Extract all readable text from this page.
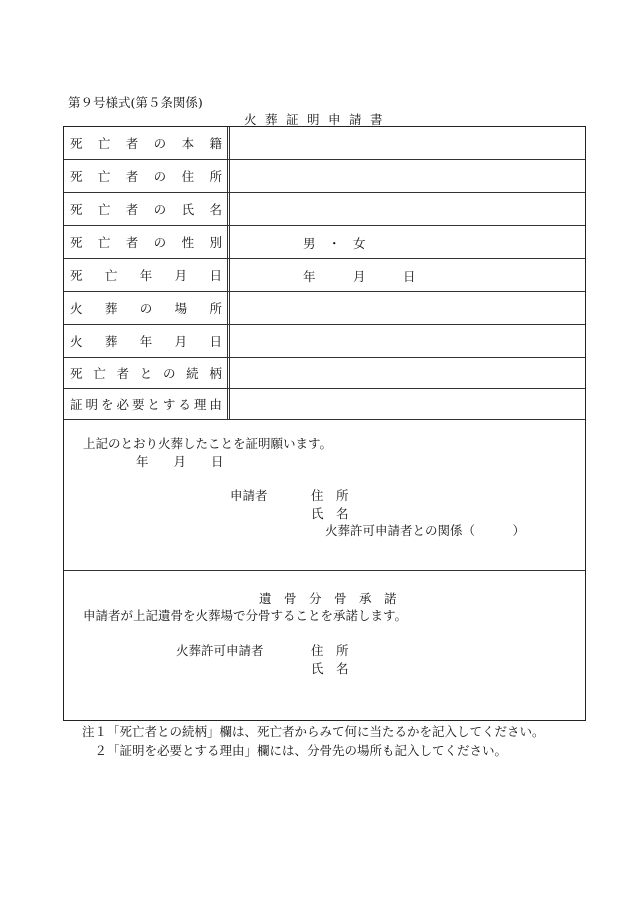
第９号様式(第５条関係)
火葬証明申請書
死 亡 者 の 本 籍
死 亡 者 の 住 所
死 亡 者 の 氏 名
死 亡 者 の 性 別	男　・　女
死 亡 年 月 日	年　　　月　　　日
火 葬 の 場 所
火 葬 年 月 日
死 亡 者 と の 続 柄
証 明 を 必 要 と す る 理 由
上記のとおり火葬したことを証明願います。
年　　月　　日
申請者	住　所
氏　名
火葬許可申請者との関係（　　　）
遺　骨　分　骨　承　諾
申請者が上記遺骨を火葬場で分骨することを承諾します。
火葬許可申請者	住　所
氏　名
注１「死亡者との続柄」欄は、死亡者からみて何に当たるかを記入してください。
　２「証明を必要とする理由」欄には、分骨先の場所も記入してください。
